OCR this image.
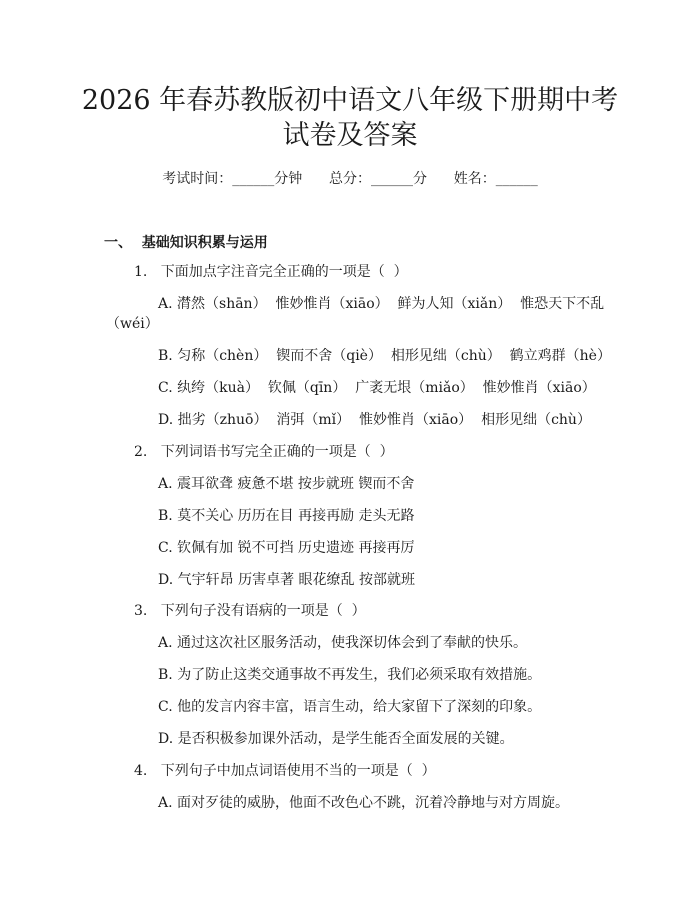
2026 年春苏教版初中语文八年级下册期中考
试卷及答案
考试时间：______分钟 总分：______分 姓名：______
一、  基础知识积累与运用
1.   下面加点字注音完全正确的一项是（  ）
A. 潸然（shān）  惟妙惟肖（xiāo）  鲜为人知（xiǎn）  惟恐天下不乱
（wéi）
B. 匀称（chèn）  锲而不舍（qiè）  相形见绌（chù）  鹤立鸡群（hè）
C. 纨绔（kuà）  钦佩（qīn）  广袤无垠（miǎo）  惟妙惟肖（xiāo）
D. 拙劣（zhuō）  消弭（mǐ）  惟妙惟肖（xiāo）  相形见绌（chù）
2.   下列词语书写完全正确的一项是（  ）
A. 震耳欲聋 疲惫不堪 按步就班 锲而不舍
B. 莫不关心 历历在目 再接再励 走头无路
C. 钦佩有加 锐不可挡 历史遗迹 再接再厉
D. 气宇轩昂 历害卓著 眼花缭乱 按部就班
3.   下列句子没有语病的一项是（  ）
A. 通过这次社区服务活动，使我深切体会到了奉献的快乐。
B. 为了防止这类交通事故不再发生，我们必须采取有效措施。
C. 他的发言内容丰富，语言生动，给大家留下了深刻的印象。
D. 是否积极参加课外活动，是学生能否全面发展的关键。
4.   下列句子中加点词语使用不当的一项是（  ）
A. 面对歹徒的威胁，他面不改色心不跳，沉着冷静地与对方周旋。
